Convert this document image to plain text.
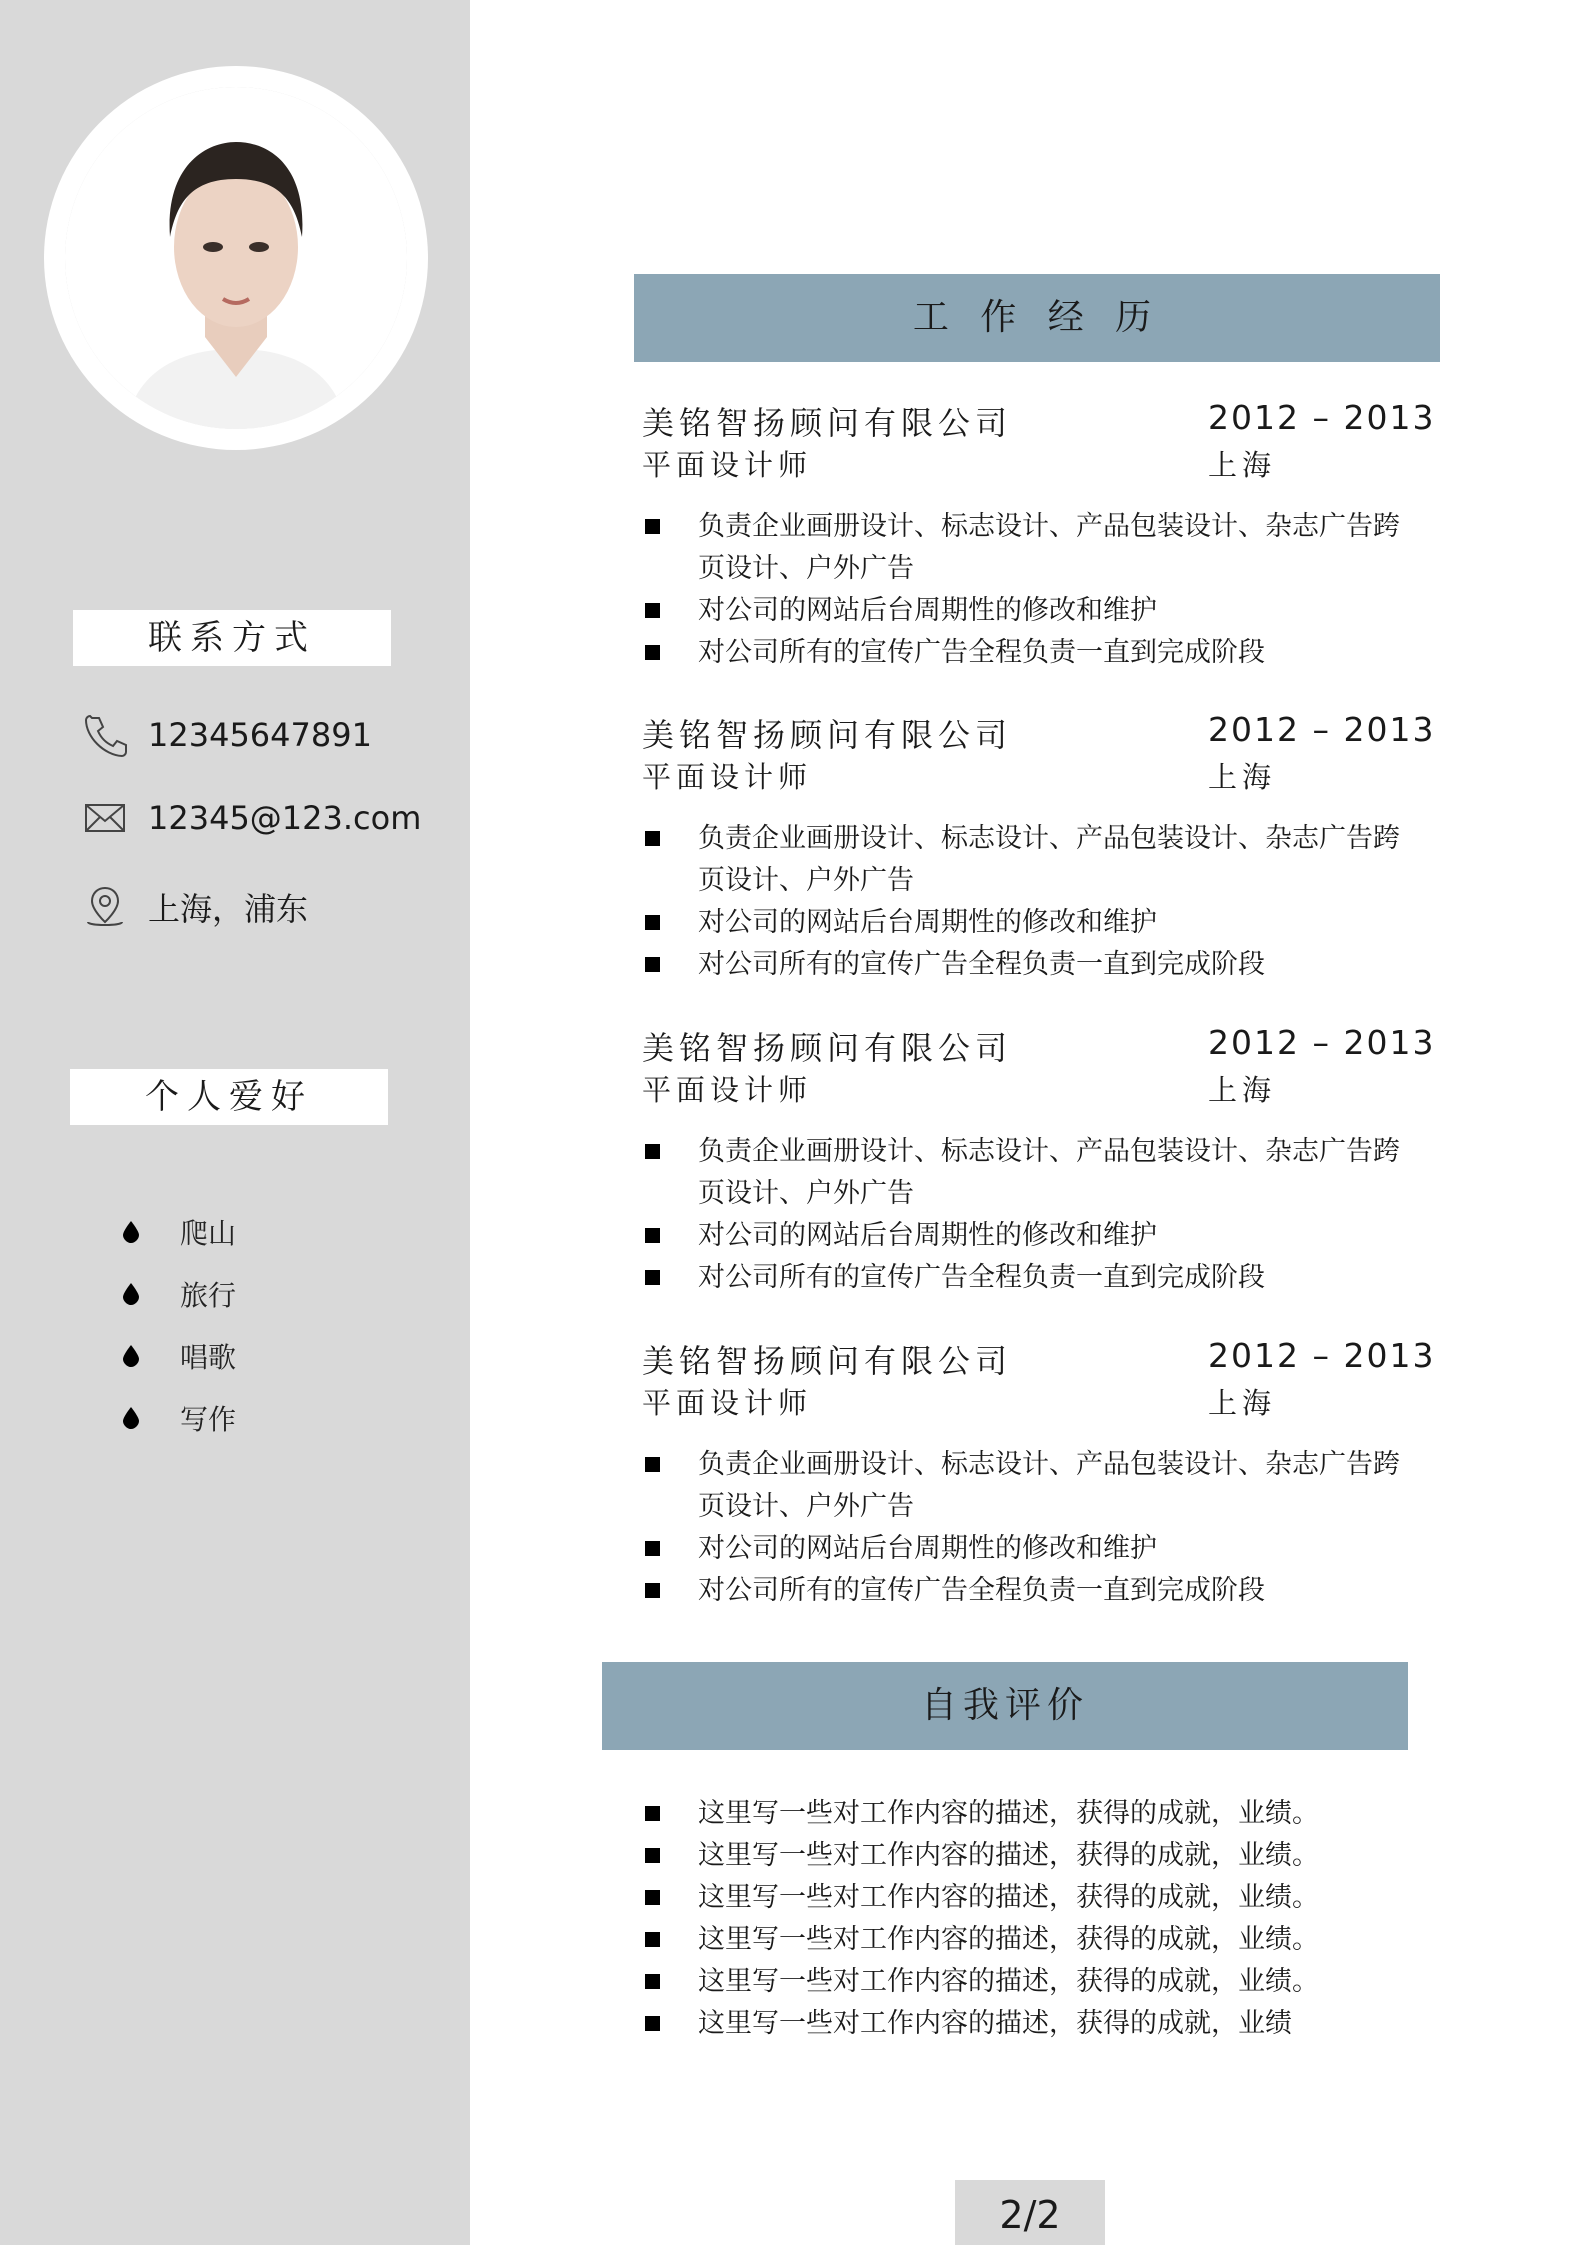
联系方式
12345647891
12345@123.com
上海，浦东
个人爱好
爬山
旅行
唱歌
写作
工 作 经 历
美铭智扬顾问有限公司	2012 – 2013
平面设计师	上海
负责企业画册设计、标志设计、产品包装设计、杂志广告跨页设计、户外广告
对公司的网站后台周期性的修改和维护
对公司所有的宣传广告全程负责一直到完成阶段
美铭智扬顾问有限公司	2012 – 2013
平面设计师	上海
负责企业画册设计、标志设计、产品包装设计、杂志广告跨页设计、户外广告
对公司的网站后台周期性的修改和维护
对公司所有的宣传广告全程负责一直到完成阶段
美铭智扬顾问有限公司	2012 – 2013
平面设计师	上海
负责企业画册设计、标志设计、产品包装设计、杂志广告跨页设计、户外广告
对公司的网站后台周期性的修改和维护
对公司所有的宣传广告全程负责一直到完成阶段
美铭智扬顾问有限公司	2012 – 2013
平面设计师	上海
负责企业画册设计、标志设计、产品包装设计、杂志广告跨页设计、户外广告
对公司的网站后台周期性的修改和维护
对公司所有的宣传广告全程负责一直到完成阶段
自我评价
这里写一些对工作内容的描述，获得的成就，业绩。
这里写一些对工作内容的描述，获得的成就，业绩。
这里写一些对工作内容的描述，获得的成就，业绩。
这里写一些对工作内容的描述，获得的成就，业绩。
这里写一些对工作内容的描述，获得的成就，业绩。
这里写一些对工作内容的描述，获得的成就，业绩
2/2
